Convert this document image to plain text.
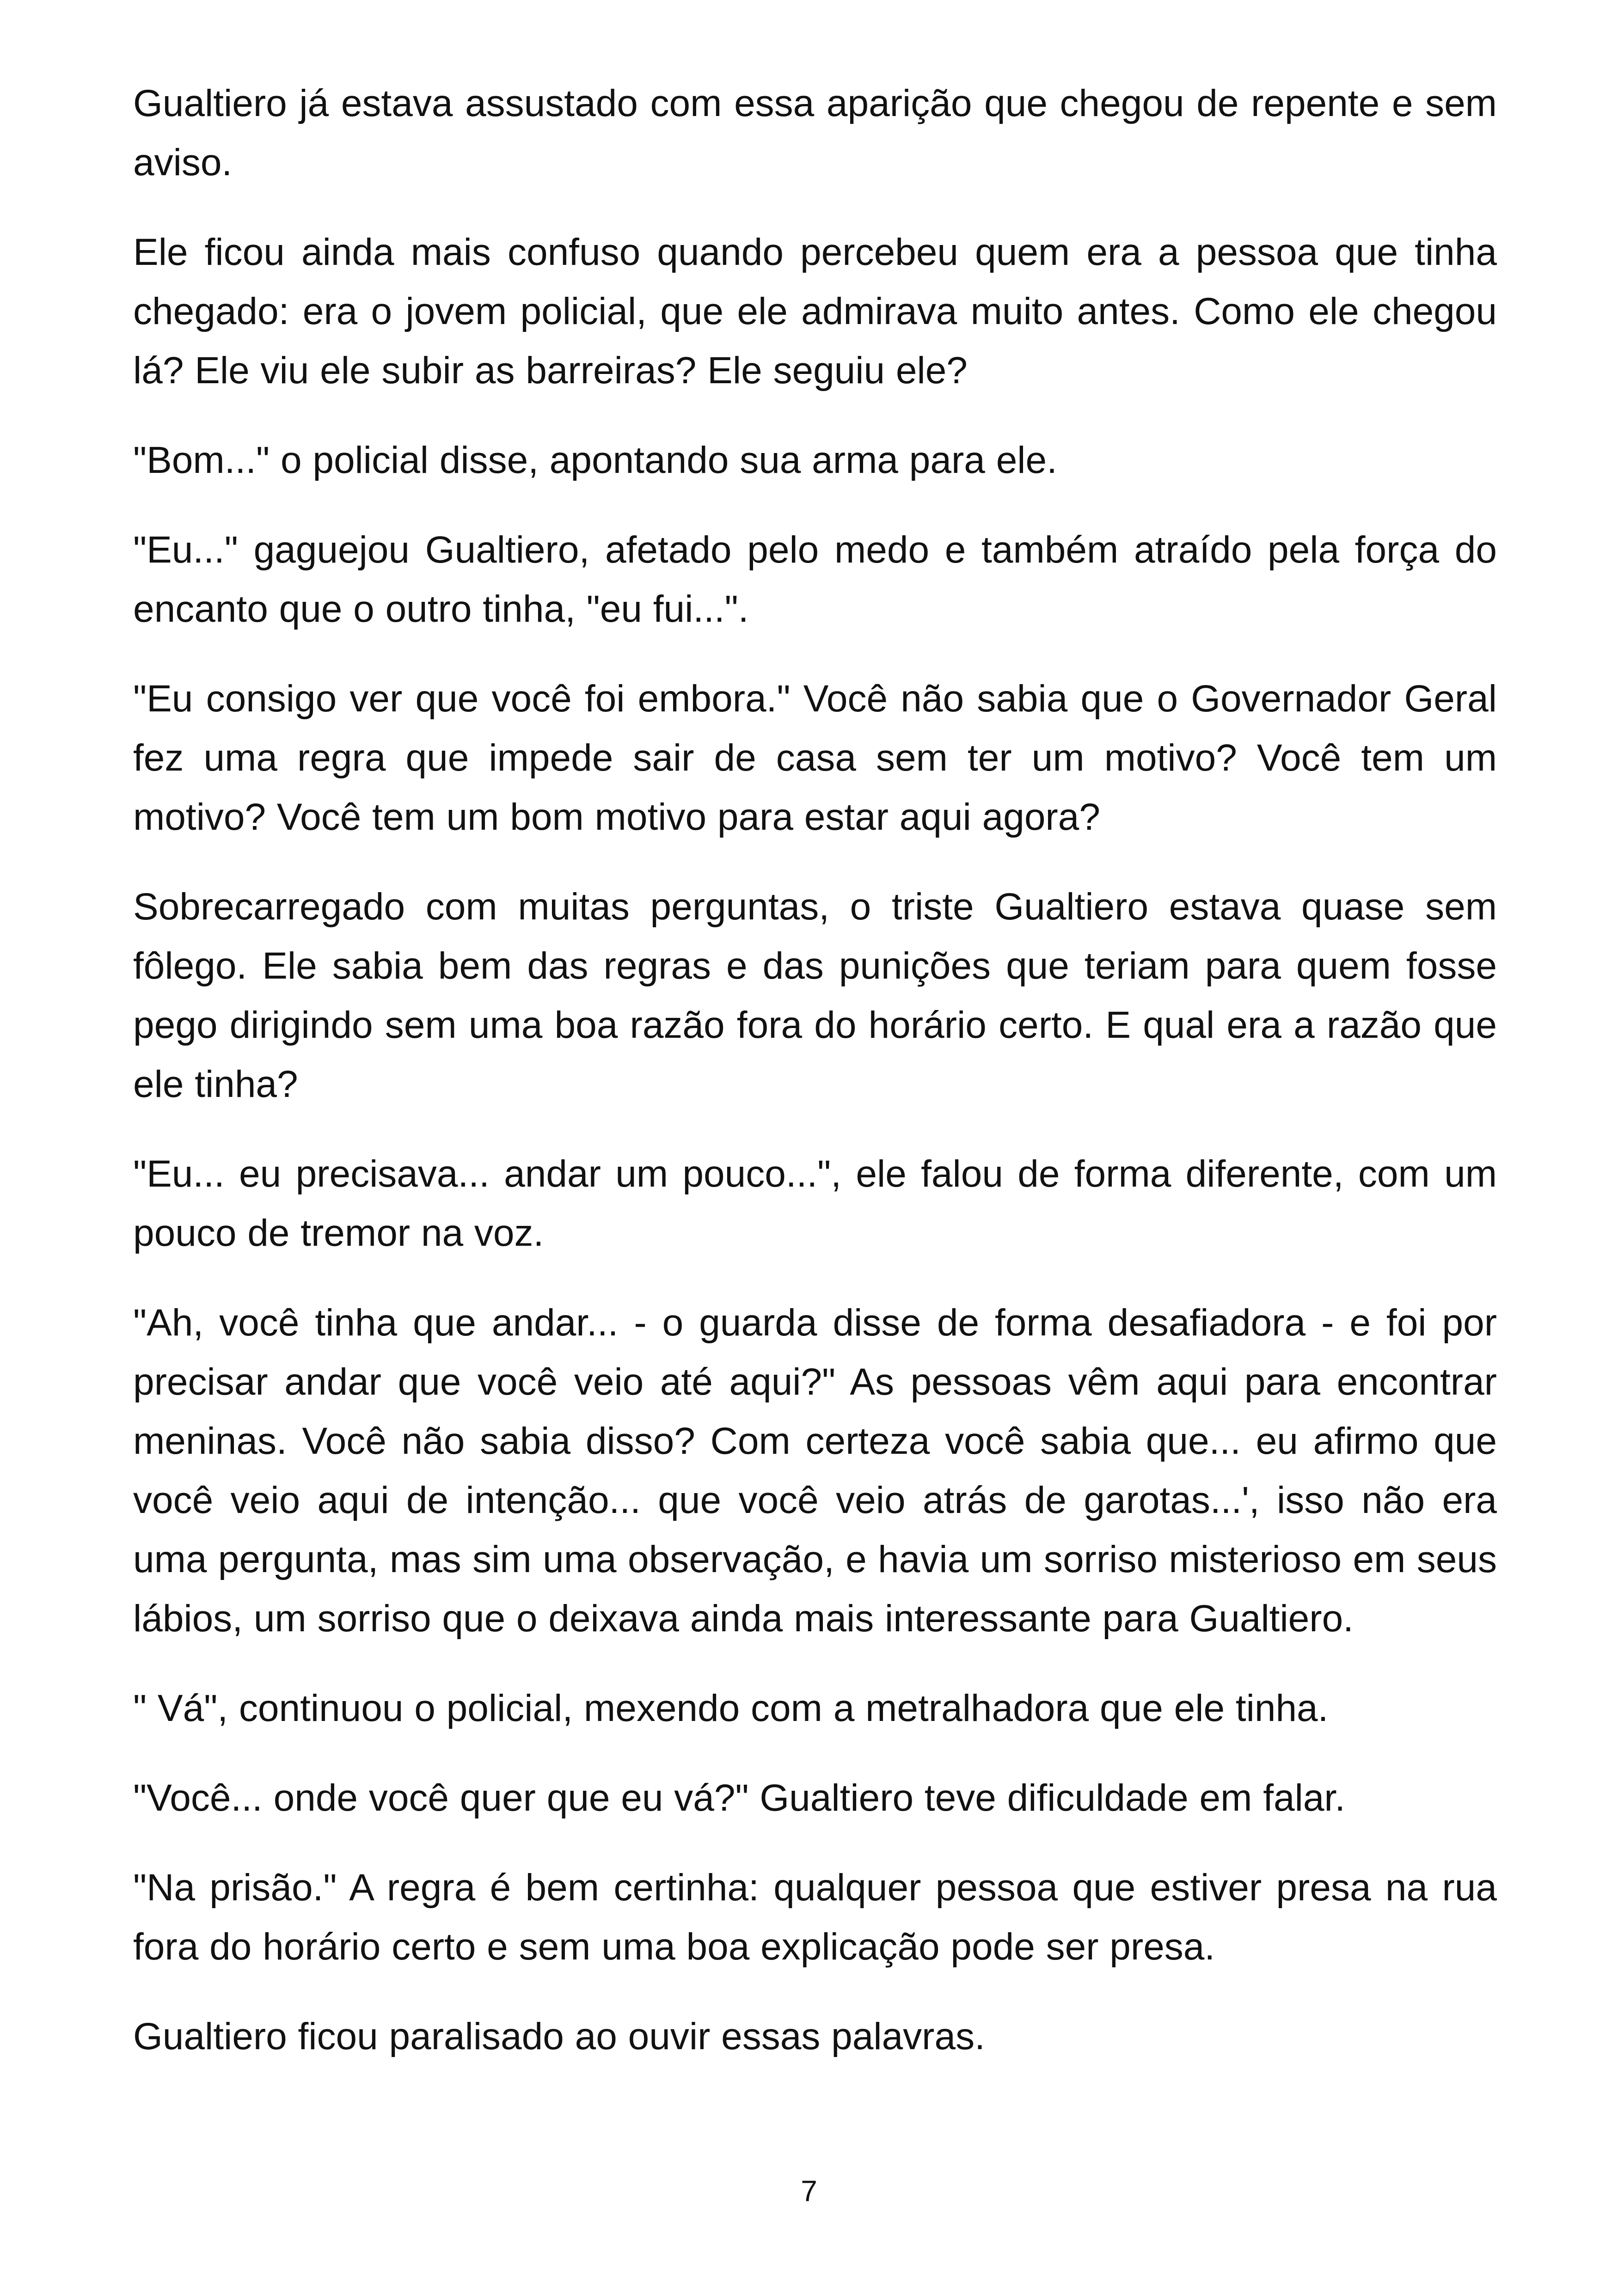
Gualtiero já estava assustado com essa aparição que chegou de repente e sem aviso.

Ele ficou ainda mais confuso quando percebeu quem era a pessoa que tinha chegado: era o jovem policial, que ele admirava muito antes. Como ele chegou lá? Ele viu ele subir as barreiras? Ele seguiu ele?

"Bom..." o policial disse, apontando sua arma para ele.

"Eu..." gaguejou Gualtiero, afetado pelo medo e também atraído pela força do encanto que o outro tinha, "eu fui...".

"Eu consigo ver que você foi embora." Você não sabia que o Governador Geral fez uma regra que impede sair de casa sem ter um motivo? Você tem um motivo? Você tem um bom motivo para estar aqui agora?

Sobrecarregado com muitas perguntas, o triste Gualtiero estava quase sem fôlego. Ele sabia bem das regras e das punições que teriam para quem fosse pego dirigindo sem uma boa razão fora do horário certo. E qual era a razão que ele tinha?

"Eu... eu precisava... andar um pouco...", ele falou de forma diferente, com um pouco de tremor na voz.

"Ah, você tinha que andar... - o guarda disse de forma desafiadora - e foi por precisar andar que você veio até aqui?" As pessoas vêm aqui para encontrar meninas. Você não sabia disso? Com certeza você sabia que... eu afirmo que você veio aqui de intenção... que você veio atrás de garotas...', isso não era uma pergunta, mas sim uma observação, e havia um sorriso misterioso em seus lábios, um sorriso que o deixava ainda mais interessante para Gualtiero.

" Vá", continuou o policial, mexendo com a metralhadora que ele tinha.

"Você... onde você quer que eu vá?" Gualtiero teve dificuldade em falar.

"Na prisão." A regra é bem certinha: qualquer pessoa que estiver presa na rua fora do horário certo e sem uma boa explicação pode ser presa.

Gualtiero ficou paralisado ao ouvir essas palavras.

7
